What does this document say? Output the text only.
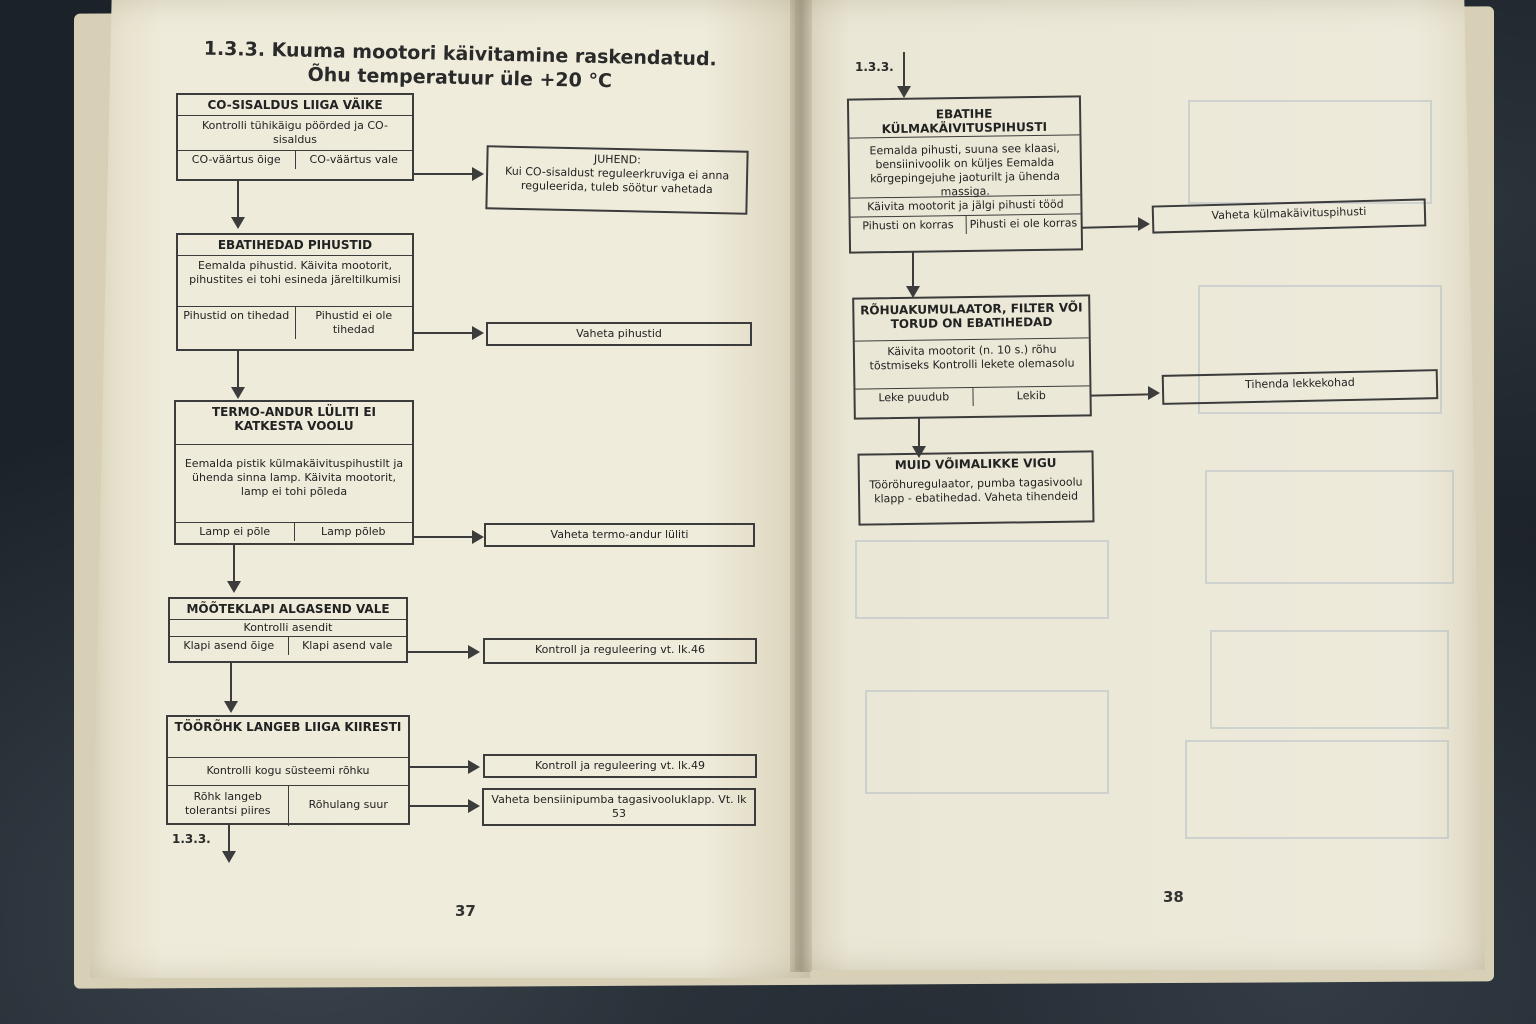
1.3.3. Kuuma mootori käivitamine raskendatud.
Õhu temperatuur üle +20 °C
CO-SISALDUS LIIGA VÄIKE
Kontrolli tühikäigu pöörded ja CO-sisaldus
CO-väärtus õige	CO-väärtus vale	JUHEND:
Kui CO-sisaldust reguleerkruviga ei anna reguleerida, tuleb söötur vahetada
EBATIHEDAD PIHUSTID
Eemalda pihustid. Käivita mootorit, pihustites ei tohi esineda järeltilkumisi
Pihustid on tihedad	Pihustid ei ole tihedad	Vaheta pihustid
TERMO-ANDUR LÜLITI EI KATKESTA VOOLU
Eemalda pistik külmakäivituspihustilt ja ühenda sinna lamp. Käivita mootorit, lamp ei tohi põleda
Lamp ei põle	Lamp põleb	Vaheta termo-andur lüliti
MÕÕTEKLAPI ALGASEND VALE
Kontrolli asendit
Klapi asend õige	Klapi asend vale	Kontroll ja reguleering vt. lk.46
TÖÖRÕHK LANGEB LIIGA KIIRESTI
Kontrolli kogu süsteemi rõhku
Rõhk langeb tolerantsi piires	Rõhulang suur
Kontroll ja reguleering vt. lk.49
Vaheta bensiinipumba tagasivooluklapp. Vt. lk 53
1.3.3.
37
1.3.3.
EBATIHE KÜLMAKÄIVITUSPIHUSTI
Eemalda pihusti, suuna see klaasi, bensiinivoolik on küljes Eemalda kõrgepingejuhe jaoturilt ja ühenda massiga.
Käivita mootorit ja jälgi pihusti tööd
Pihusti on korras	Pihusti ei ole korras
Vaheta külmakäivituspihusti
RÕHUAKUMULAATOR, FILTER VÕI TORUD ON EBATIHEDAD
Käivita mootorit (n. 10 s.) rõhu tõstmiseks Kontrolli lekete olemasolu
Leke puudub	Lekib
Tihenda lekkekohad
MUID VÕIMALIKKE VIGU
Tööröhuregulaator, pumba tagasivoolu klapp - ebatihedad. Vaheta tihendeid
38
